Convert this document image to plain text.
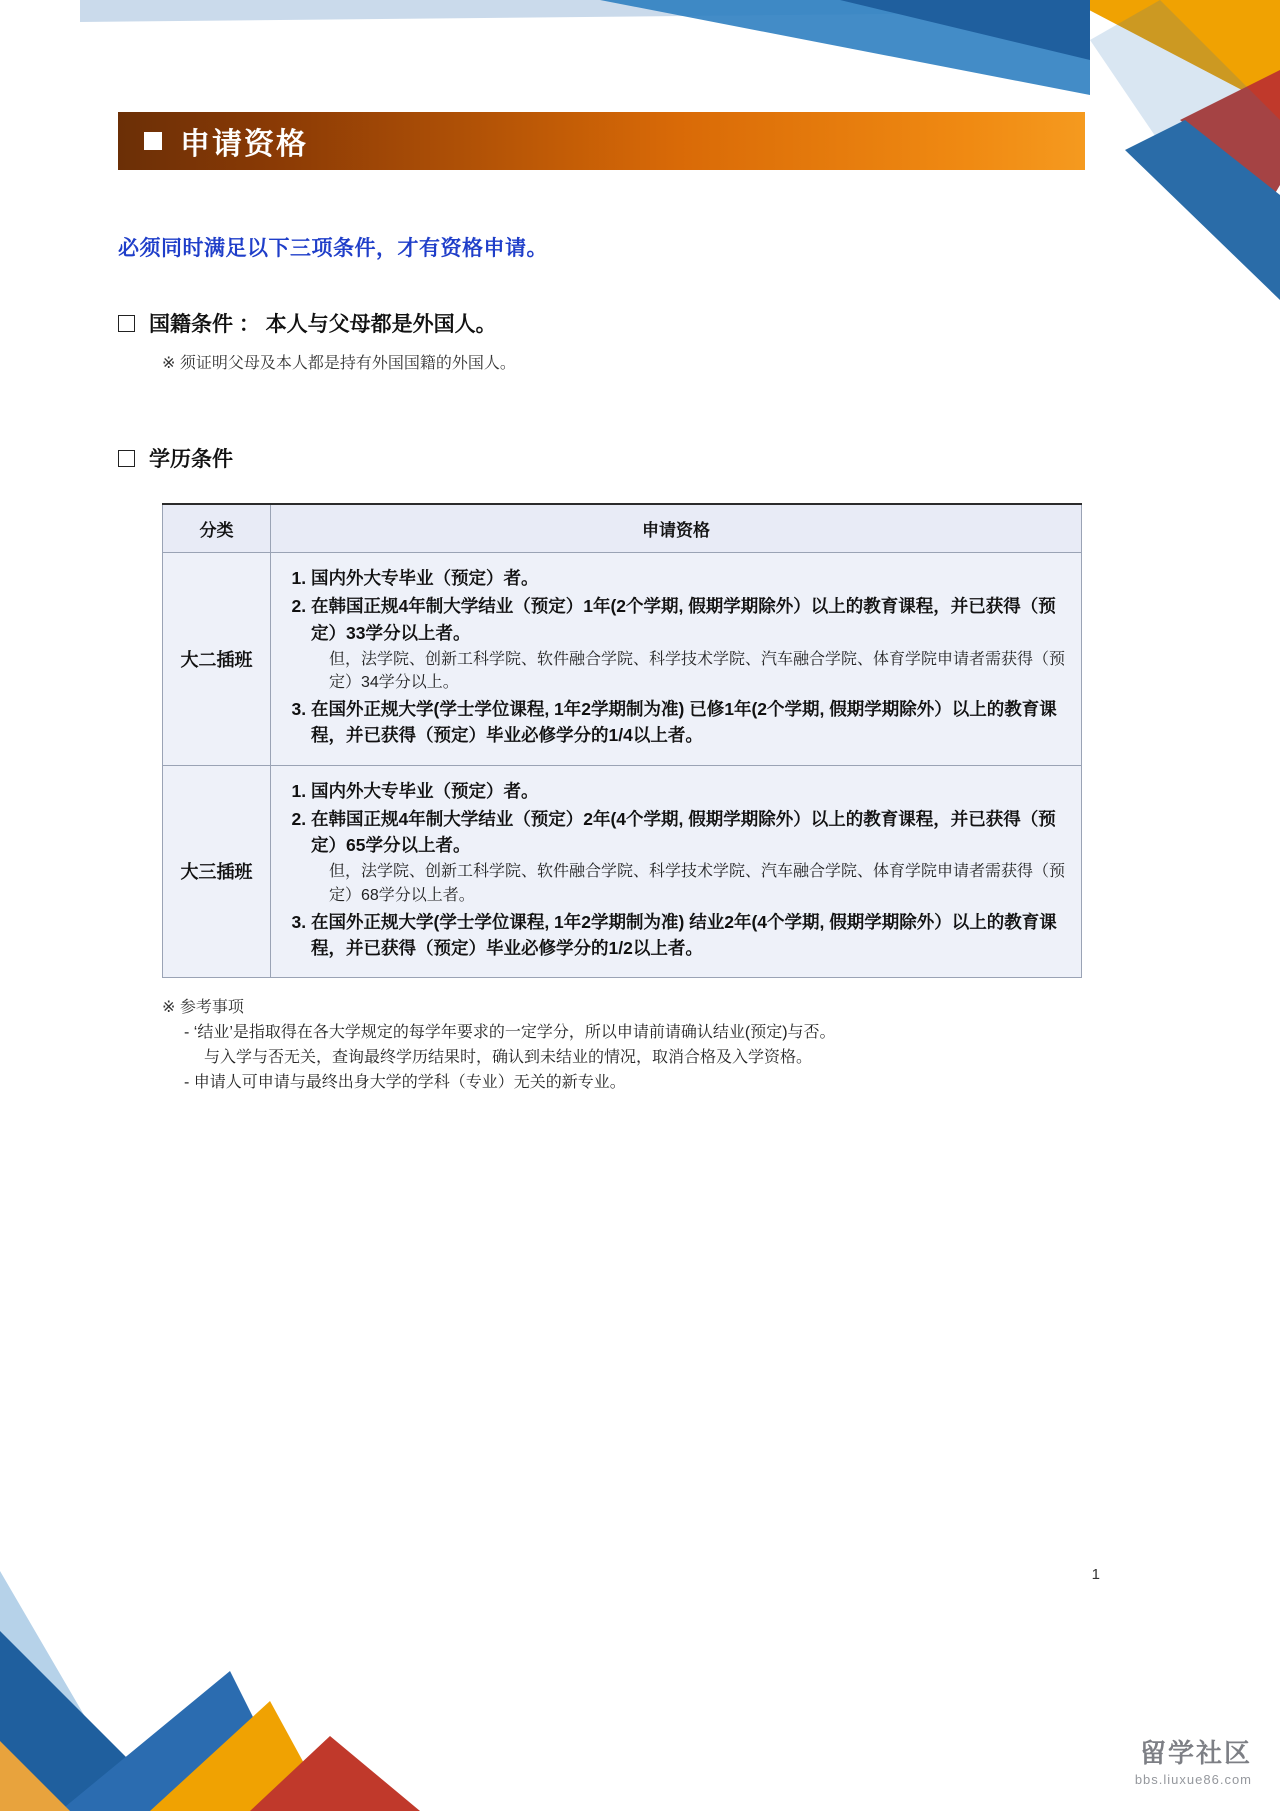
申请资格

必须同时满足以下三项条件，才有资格申请。

国籍条件 ： 本人与父母都是外国人。
※ 须证明父母及本人都是持有外国国籍的外国人。
学历条件
分类	申请资格
大二插班	
1. 国内外大专毕业（预定）者。
2. 在韩国正规4年制大学结业（预定）1年(2个学期, 假期学期除外）以上的教育课程，并已获得（预定）33学分以上者。
但，法学院、创新工科学院、软件融合学院、科学技术学院、汽车融合学院、体育学院申请者需获得（预定）34学分以上。
3. 在国外正规大学(学士学位课程, 1年2学期制为准) 已修1年(2个学期, 假期学期除外）以上的教育课程，并已获得（预定）毕业必修学分的1/4以上者。

大三插班	
1. 国内外大专毕业（预定）者。
2. 在韩国正规4年制大学结业（预定）2年(4个学期, 假期学期除外）以上的教育课程，并已获得（预定）65学分以上者。
但，法学院、创新工科学院、软件融合学院、科学技术学院、汽车融合学院、体育学院申请者需获得（预定）68学分以上者。
3. 在国外正规大学(学士学位课程, 1年2学期制为准) 结业2年(4个学期, 假期学期除外）以上的教育课程，并已获得（预定）毕业必修学分的1/2以上者。
※ 参考事项
- ‘结业’是指取得在各大学规定的每学年要求的一定学分，所以申请前请确认结业(预定)与否。
与入学与否无关，查询最终学历结果时，确认到未结业的情况，取消合格及入学资格。
- 申请人可申请与最终出身大学的学科（专业）无关的新专业。
1
留学社区
bbs.liuxue86.com
